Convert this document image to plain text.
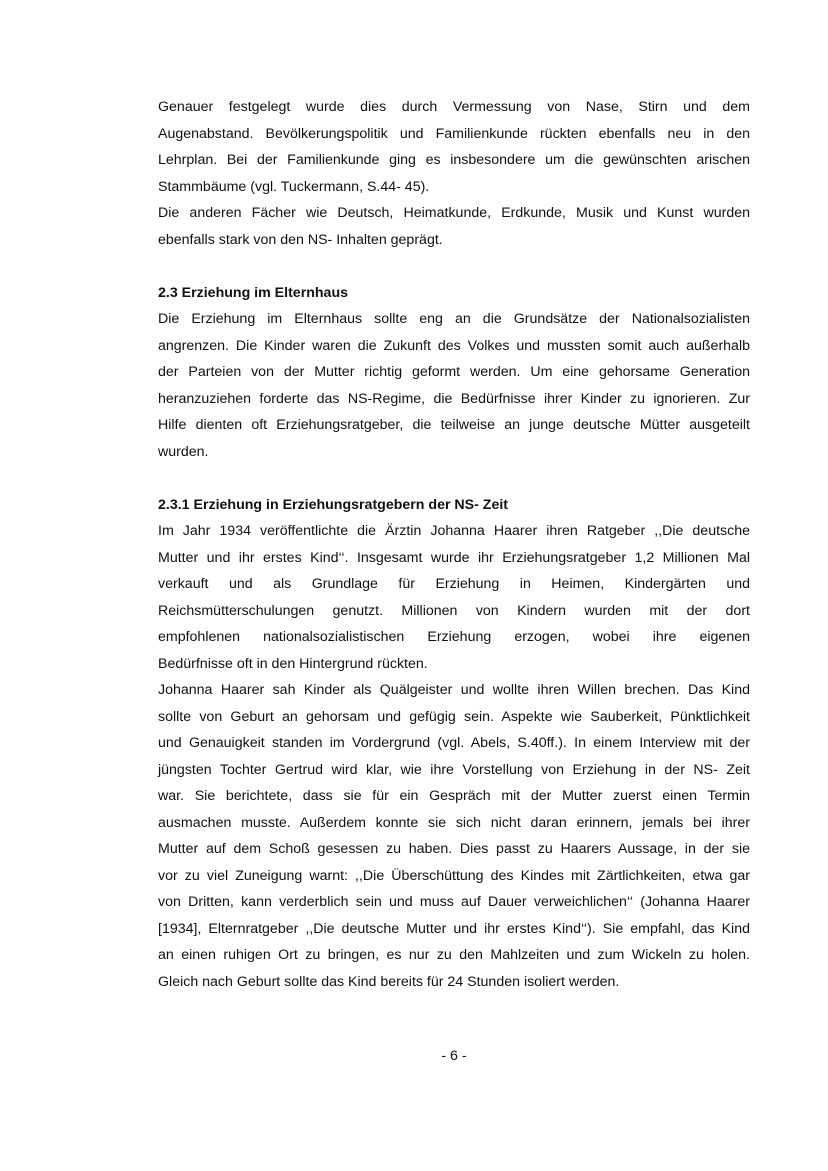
Genauer festgelegt wurde dies durch Vermessung von Nase, Stirn und dem
Augenabstand. Bevölkerungspolitik und Familienkunde rückten ebenfalls neu in den
Lehrplan. Bei der Familienkunde ging es insbesondere um die gewünschten arischen
Stammbäume (vgl. Tuckermann, S.44- 45).
Die anderen Fächer wie Deutsch, Heimatkunde, Erdkunde, Musik und Kunst wurden
ebenfalls stark von den NS- Inhalten geprägt.
2.3 Erziehung im Elternhaus
Die Erziehung im Elternhaus sollte eng an die Grundsätze der Nationalsozialisten
angrenzen. Die Kinder waren die Zukunft des Volkes und mussten somit auch außerhalb
der Parteien von der Mutter richtig geformt werden. Um eine gehorsame Generation
heranzuziehen forderte das NS-Regime, die Bedürfnisse ihrer Kinder zu ignorieren. Zur
Hilfe dienten oft Erziehungsratgeber, die teilweise an junge deutsche Mütter ausgeteilt
wurden.
2.3.1 Erziehung in Erziehungsratgebern der NS- Zeit
Im Jahr 1934 veröffentlichte die Ärztin Johanna Haarer ihren Ratgeber ,,Die deutsche
Mutter und ihr erstes Kind‘‘. Insgesamt wurde ihr Erziehungsratgeber 1,2 Millionen Mal
verkauft und als Grundlage für Erziehung in Heimen, Kindergärten und
Reichsmütterschulungen genutzt. Millionen von Kindern wurden mit der dort
empfohlenen nationalsozialistischen Erziehung erzogen, wobei ihre eigenen
Bedürfnisse oft in den Hintergrund rückten.
Johanna Haarer sah Kinder als Quälgeister und wollte ihren Willen brechen. Das Kind
sollte von Geburt an gehorsam und gefügig sein. Aspekte wie Sauberkeit, Pünktlichkeit
und Genauigkeit standen im Vordergrund (vgl. Abels, S.40ff.). In einem Interview mit der
jüngsten Tochter Gertrud wird klar, wie ihre Vorstellung von Erziehung in der NS- Zeit
war. Sie berichtete, dass sie für ein Gespräch mit der Mutter zuerst einen Termin
ausmachen musste. Außerdem konnte sie sich nicht daran erinnern, jemals bei ihrer
Mutter auf dem Schoß gesessen zu haben. Dies passt zu Haarers Aussage, in der sie
vor zu viel Zuneigung warnt: ,,Die Überschüttung des Kindes mit Zärtlichkeiten, etwa gar
von Dritten, kann verderblich sein und muss auf Dauer verweichlichen‘‘ (Johanna Haarer
[1934], Elternratgeber ,,Die deutsche Mutter und ihr erstes Kind‘‘). Sie empfahl, das Kind
an einen ruhigen Ort zu bringen, es nur zu den Mahlzeiten und zum Wickeln zu holen.
Gleich nach Geburt sollte das Kind bereits für 24 Stunden isoliert werden.
- 6 -
